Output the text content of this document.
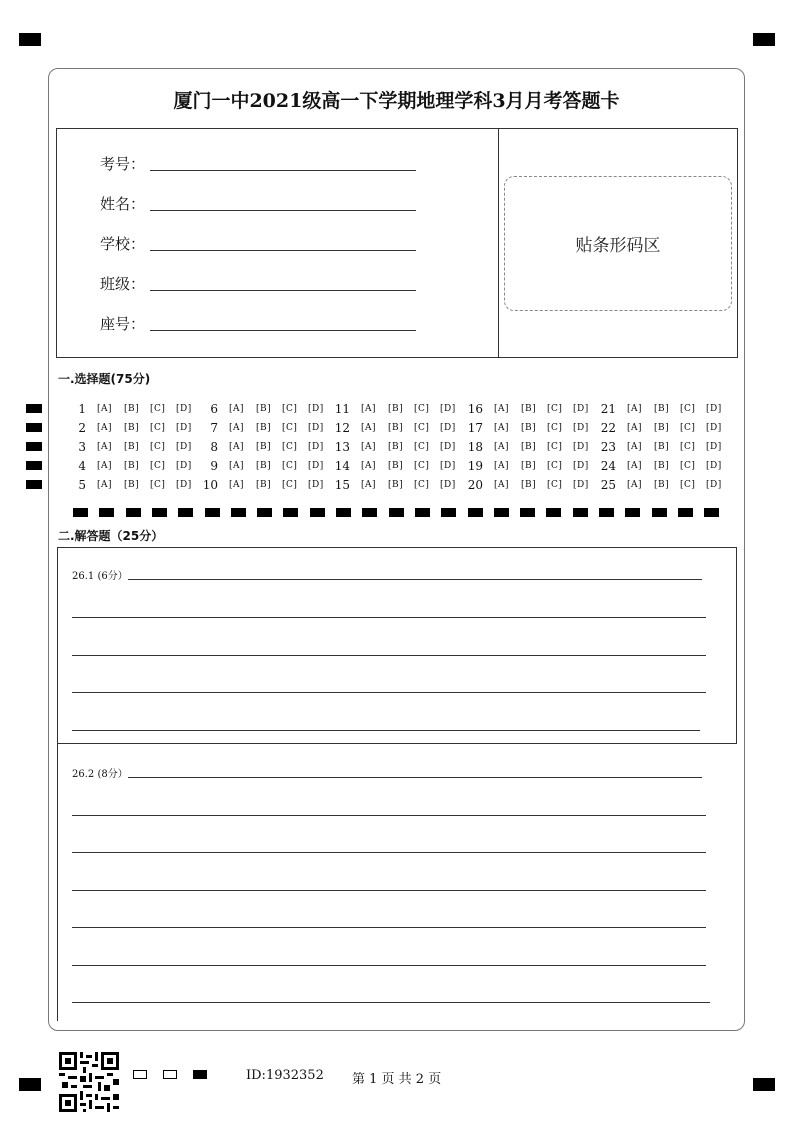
厦门一中2021级高一下学期地理学科3月月考答题卡
考号：
姓名：
学校：
班级：
座号：
贴条形码区
一.选择题(75分)
1 [A] [B] [C] [D]
2 [A] [B] [C] [D]
3 [A] [B] [C] [D]
4 [A] [B] [C] [D]
5 [A] [B] [C] [D]
6 [A] [B] [C] [D]
7 [A] [B] [C] [D]
8 [A] [B] [C] [D]
9 [A] [B] [C] [D]
10 [A] [B] [C] [D]
11 [A] [B] [C] [D]
12 [A] [B] [C] [D]
13 [A] [B] [C] [D]
14 [A] [B] [C] [D]
15 [A] [B] [C] [D]
16 [A] [B] [C] [D]
17 [A] [B] [C] [D]
18 [A] [B] [C] [D]
19 [A] [B] [C] [D]
20 [A] [B] [C] [D]
21 [A] [B] [C] [D]
22 [A] [B] [C] [D]
23 [A] [B] [C] [D]
24 [A] [B] [C] [D]
25 [A] [B] [C] [D]
二.解答题（25分）
26.1 (6分）
26.2 (8分）
ID:1932352 第 1 页 共 2 页
